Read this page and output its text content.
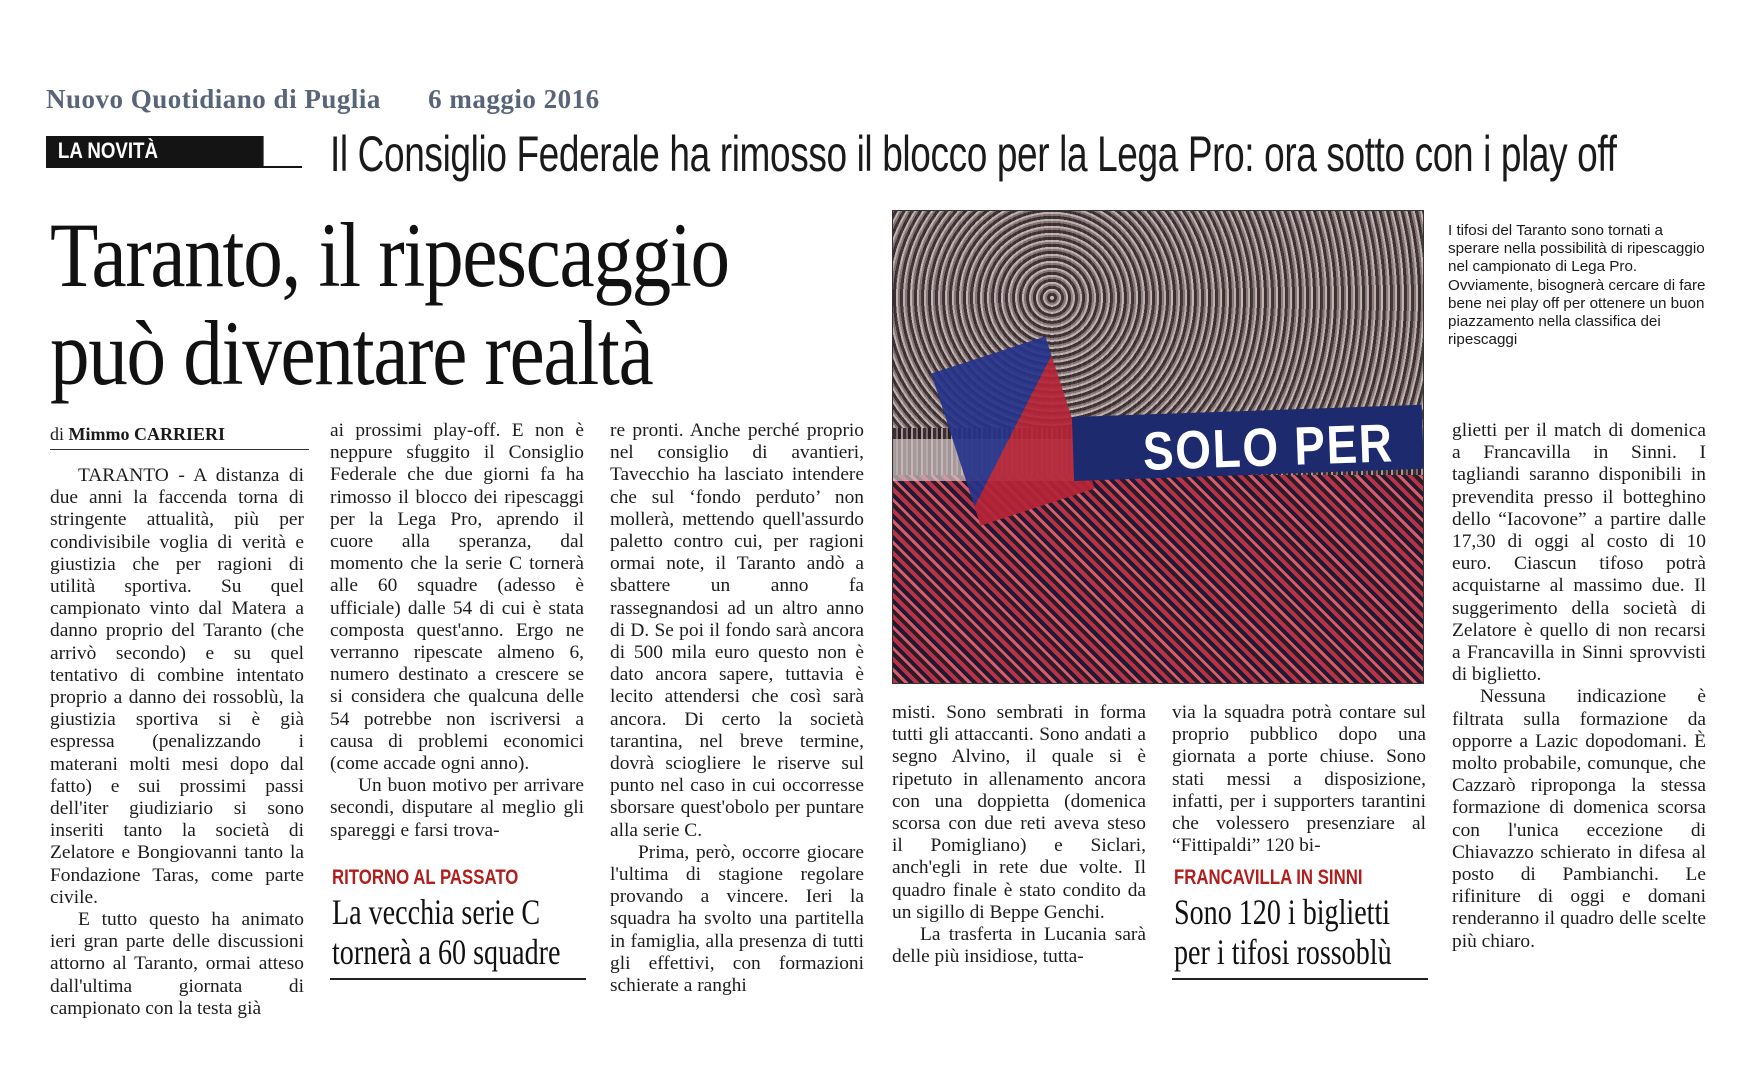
Nuovo Quotidiano di Puglia 6 maggio 2016
LA NOVITÀ	Il Consiglio Federale ha rimosso il blocco per la Lega Pro: ora sotto con i play off
Taranto, il ripescaggio
può diventare realtà
di Mimmo CARRIERI

TARANTO - A distanza di due anni la faccenda torna di stringente attualità, più per condivisibile voglia di verità e giustizia che per ragioni di utilità sportiva. Su quel campionato vinto dal Matera a danno proprio del Taranto (che arrivò secondo) e su quel tentativo di combine intentato proprio a danno dei rossoblù, la giustizia sportiva si è già espressa (penalizzando i materani molti mesi dopo dal fatto) e sui prossimi passi dell'iter giudiziario si sono inseriti tanto la società di Zelatore e Bongiovanni tanto la Fondazione Taras, come parte civile.

E tutto questo ha animato ieri gran parte delle discussioni attorno al Taranto, ormai atteso dall'ultima giornata di campionato con la testa già

ai prossimi play-off. E non è neppure sfuggito il Consiglio Federale che due giorni fa ha rimosso il blocco dei ripescaggi per la Lega Pro, aprendo il cuore alla speranza, dal momento che la serie C tornerà alle 60 squadre (adesso è ufficiale) dalle 54 di cui è stata composta quest'anno. Ergo ne verranno ripescate almeno 6, numero destinato a crescere se si considera che qualcuna delle 54 potrebbe non iscriversi a causa di problemi economici (come accade ogni anno).

Un buon motivo per arrivare secondi, disputare al meglio gli spareggi e farsi trova-

RITORNO AL PASSATO
La vecchia serie C
tornerà a 60 squadre

re pronti. Anche perché proprio nel consiglio di avantieri, Tavecchio ha lasciato intendere che sul ‘fondo perduto’ non mollerà, mettendo quell'assurdo paletto contro cui, per ragioni ormai note, il Taranto andò a sbattere un anno fa rassegnandosi ad un altro anno di D. Se poi il fondo sarà ancora di 500 mila euro questo non è dato ancora sapere, tuttavia è lecito attendersi che così sarà ancora. Di certo la società tarantina, nel breve termine, dovrà sciogliere le riserve sul punto nel caso in cui occorresse sborsare quest'obolo per puntare alla serie C.

Prima, però, occorre giocare l'ultima di stagione regolare provando a vincere. Ieri la squadra ha svolto una partitella in famiglia, alla presenza di tutti gli effettivi, con formazioni schierate a ranghi

SOLO PER
I tifosi del Taranto sono tornati a sperare nella possibilità di ripescaggio nel campionato di Lega Pro. Ovviamente, bisognerà cercare di fare bene nei play off per ottenere un buon piazzamento nella classifica dei ripescaggi

misti. Sono sembrati in forma tutti gli attaccanti. Sono andati a segno Alvino, il quale si è ripetuto in allenamento ancora con una doppietta (domenica scorsa con due reti aveva steso il Pomigliano) e Siclari, anch'egli in rete due volte. Il quadro finale è stato condito da un sigillo di Beppe Genchi.

La trasferta in Lucania sarà delle più insidiose, tutta-

via la squadra potrà contare sul proprio pubblico dopo una giornata a porte chiuse. Sono stati messi a disposizione, infatti, per i supporters tarantini che volessero presenziare al “Fittipaldi” 120 bi-

FRANCAVILLA IN SINNI
Sono 120 i biglietti
per i tifosi rossoblù

glietti per il match di domenica a Francavilla in Sinni. I tagliandi saranno disponibili in prevendita presso il botteghino dello “Iacovone” a partire dalle 17,30 di oggi al costo di 10 euro. Ciascun tifoso potrà acquistarne al massimo due. Il suggerimento della società di Zelatore è quello di non recarsi a Francavilla in Sinni sprovvisti di biglietto.

Nessuna indicazione è filtrata sulla formazione da opporre a Lazic dopodomani. È molto probabile, comunque, che Cazzarò riproponga la stessa formazione di domenica scorsa con l'unica eccezione di Chiavazzo schierato in difesa al posto di Pambianchi. Le rifiniture di oggi e domani renderanno il quadro delle scelte più chiaro.
